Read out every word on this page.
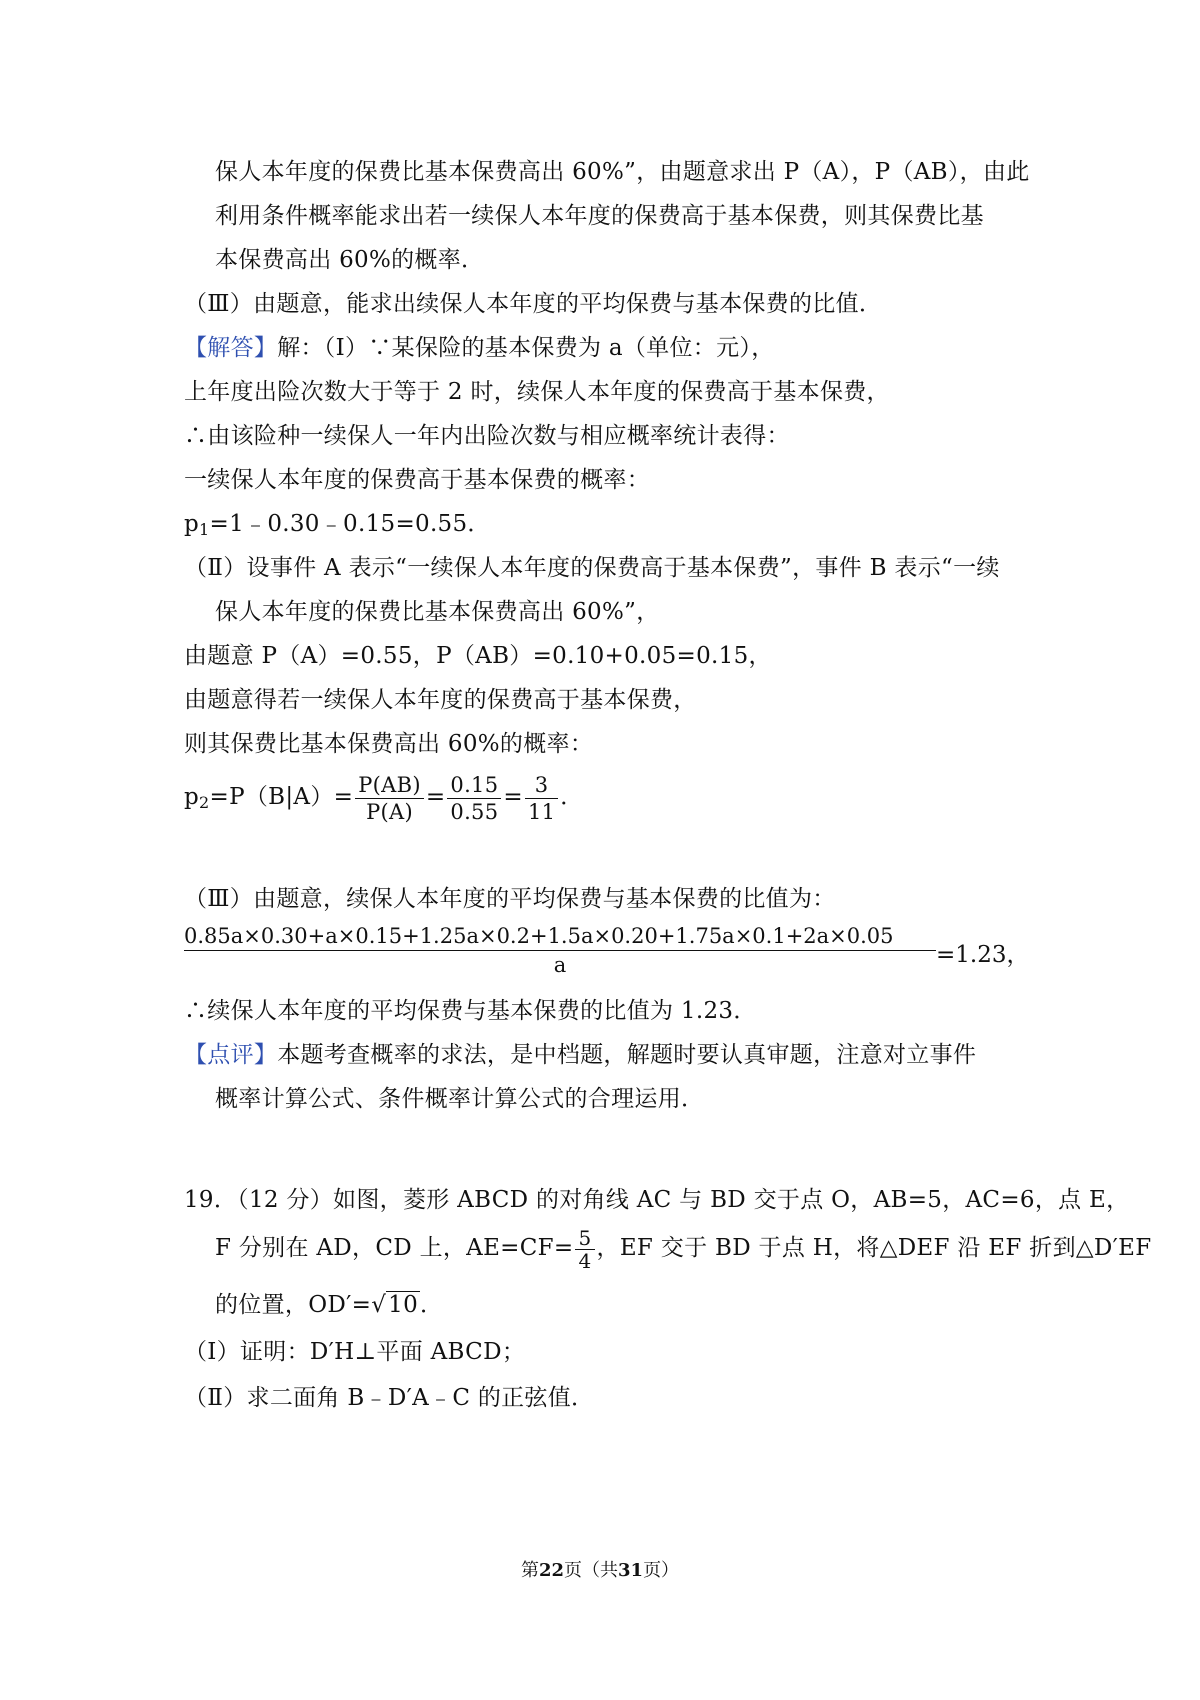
保人本年度的保费比基本保费高出 60%”，由题意求出 P（A），P（AB），由此
利用条件概率能求出若一续保人本年度的保费高于基本保费，则其保费比基
本保费高出 60%的概率．
（Ⅲ）由题意，能求出续保人本年度的平均保费与基本保费的比值．
【解答】解：（Ⅰ）∵某保险的基本保费为 a（单位：元），
上年度出险次数大于等于 2 时，续保人本年度的保费高于基本保费，
∴由该险种一续保人一年内出险次数与相应概率统计表得：
一续保人本年度的保费高于基本保费的概率：
$p_1=1﹣0.30﹣0.15=0.55$．
（Ⅱ）设事件 A 表示“一续保人本年度的保费高于基本保费”，事件 B 表示“一续
保人本年度的保费比基本保费高出 60%”，
由题意 P（A）=0.55，P（AB）=0.10+0.05=0.15，
由题意得若一续保人本年度的保费高于基本保费，
则其保费比基本保费高出 60%的概率：
$p_2=P(B|A)= \frac{P(AB)}{P(A)} = \frac{0.15}{0.55} = \frac{3}{11}$ ．
（Ⅲ）由题意，续保人本年度的平均保费与基本保费的比值为：
0.85a×0.30+a×0.15+1.25a×0.2+1.5a×0.20+1.75a×0.1+2a×0.05
a	=1.23，
∴续保人本年度的平均保费与基本保费的比值为 1.23．
【点评】本题考查概率的求法，是中档题，解题时要认真审题，注意对立事件
概率计算公式、条件概率计算公式的合理运用．
19．（12 分）如图，菱形 ABCD 的对角线 AC 与 BD 交于点 O，AB=5，AC=6，点 E，
F 分别在 AD，CD 上，$AE=CF= \frac{5}{4}$ ，EF 交于 BD 于点 H，将△DEF 沿 EF 折到△D′EF
的位置，OD′=√10．
（Ⅰ）证明：D′H⊥平面 ABCD；
（Ⅱ）求二面角 B﹣D′A﹣C 的正弦值．
第22页（共31页）
